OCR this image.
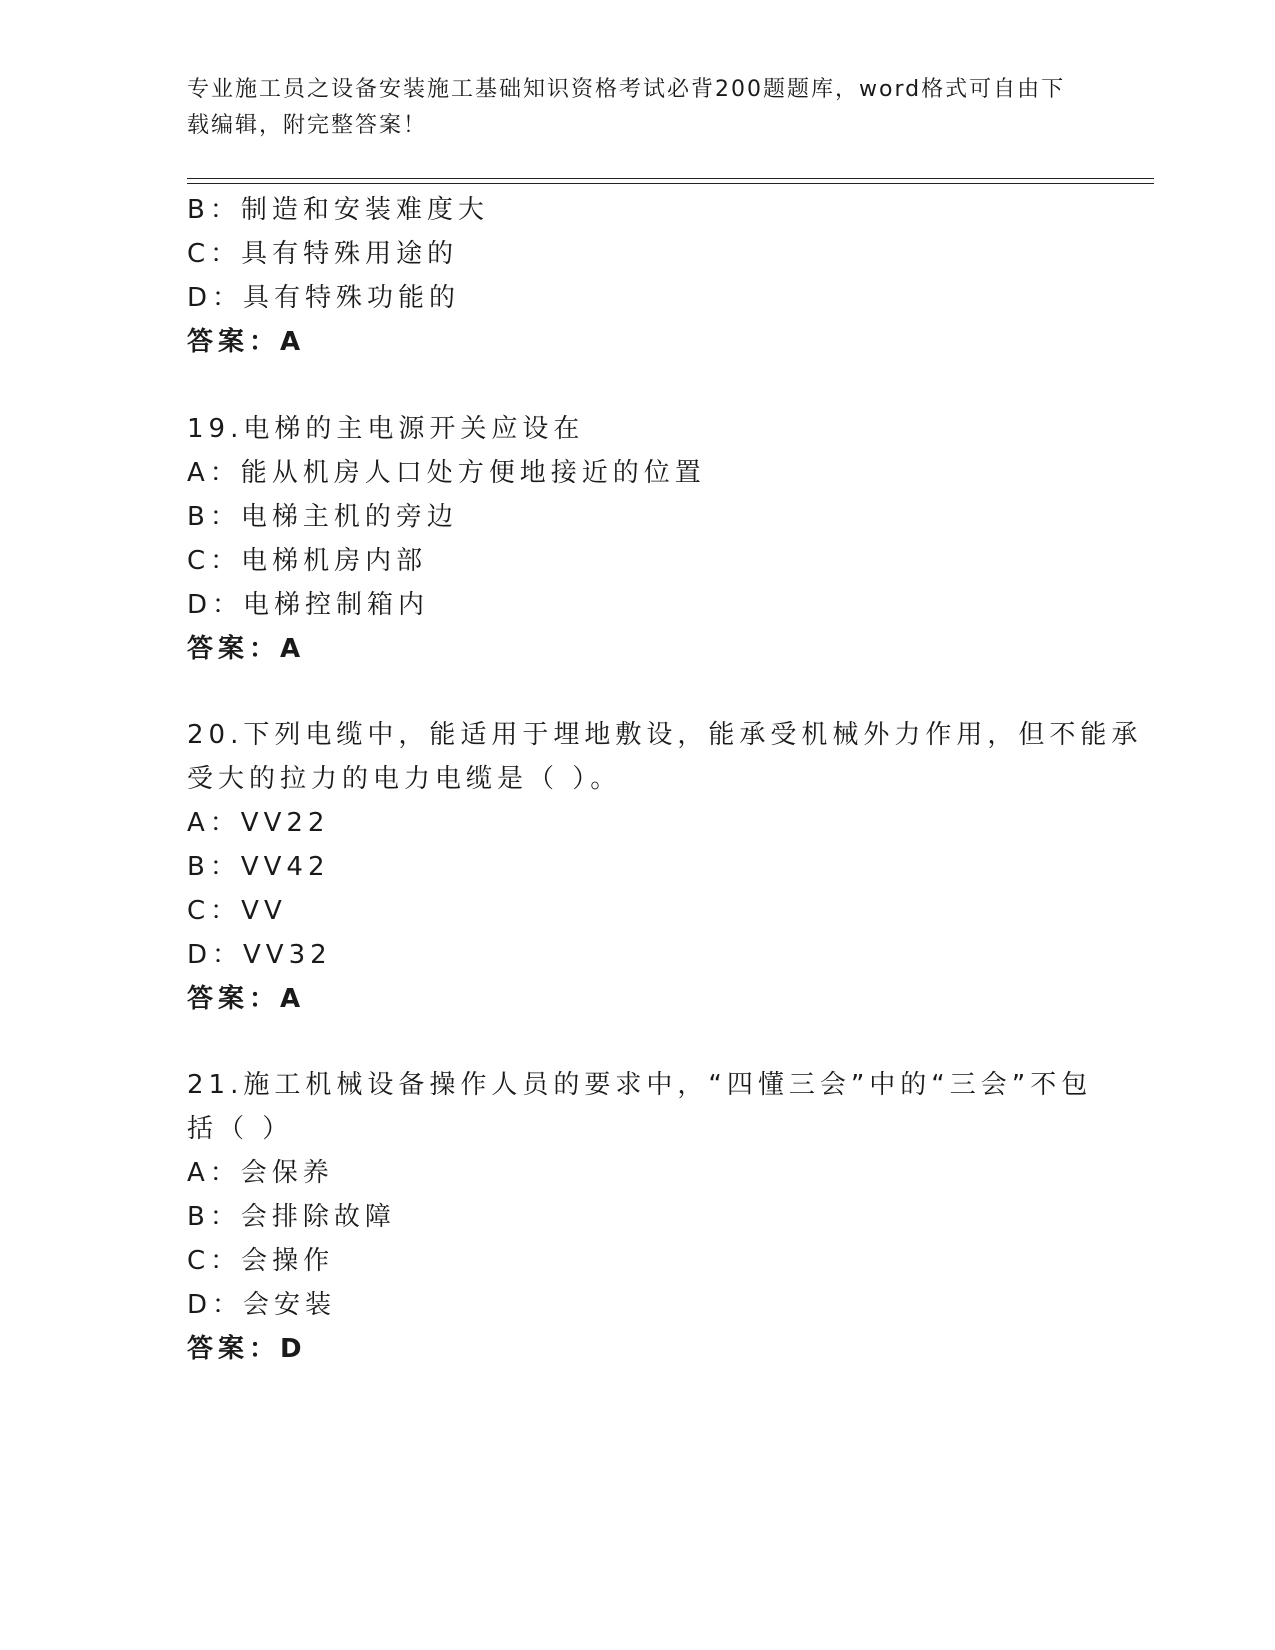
专业施工员之设备安装施工基础知识资格考试必背200题题库，word格式可自由下载编辑，附完整答案！
B：制造和安装难度大
C：具有特殊用途的
D：具有特殊功能的
答案：A
19.电梯的主电源开关应设在
A：能从机房人口处方便地接近的位置
B：电梯主机的旁边
C：电梯机房内部
D：电梯控制箱内
答案：A
20.下列电缆中，能适用于埋地敷设，能承受机械外力作用，但不能承
受大的拉力的电力电缆是（ ）。
A：VV22
B：VV42
C：VV
D：VV32
答案：A
21.施工机械设备操作人员的要求中，“四懂三会”中的“三会”不包
括（ ）
A：会保养
B：会排除故障
C：会操作
D：会安装
答案：D
